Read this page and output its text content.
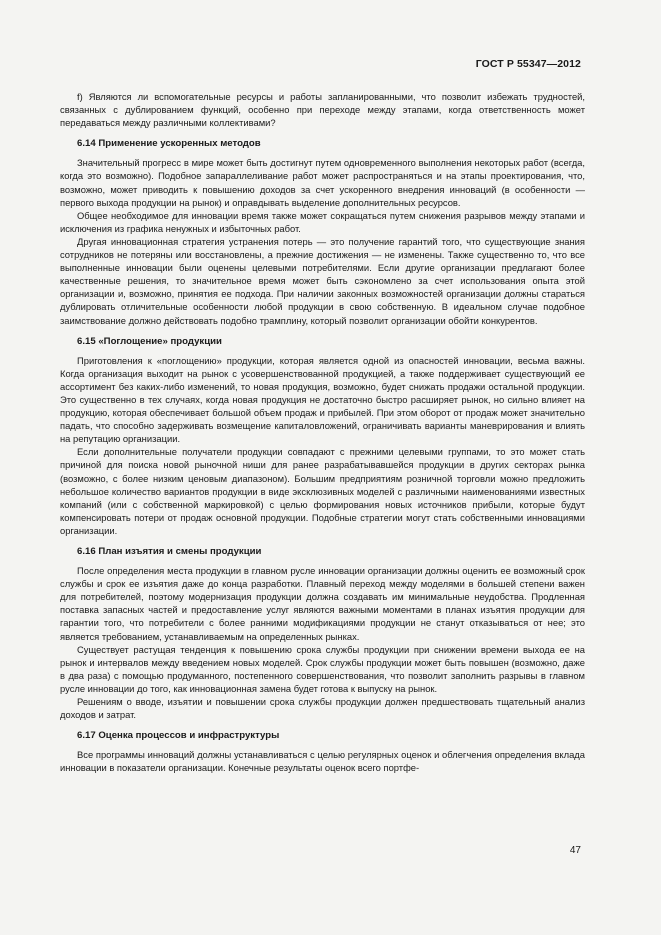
ГОСТ Р 55347—2012

f) Являются ли вспомогательные ресурсы и работы запланированными, что позволит избежать трудностей, связанных с дублированием функций, особенно при переходе между этапами, когда ответственность может передаваться между различными коллективами?

6.14 Применение ускоренных методов

Значительный прогресс в мире может быть достигнут путем одновременного выполнения некоторых работ (всегда, когда это возможно). Подобное запараллеливание работ может распространяться и на этапы проектирования, что, возможно, может приводить к повышению доходов за счет ускоренного внедрения инноваций (в особенности — первого выхода продукции на рынок) и оправдывать выделение дополнительных ресурсов.

Общее необходимое для инновации время также может сокращаться путем снижения разрывов между этапами и исключения из графика ненужных и избыточных работ.

Другая инновационная стратегия устранения потерь — это получение гарантий того, что существующие знания сотрудников не потеряны или восстановлены, а прежние достижения — не изменены. Также существенно то, что все выполненные инновации были оценены целевыми потребителями. Если другие организации предлагают более качественные решения, то значительное время может быть сэкономлено за счет использования опыта этой организации и, возможно, принятия ее подхода. При наличии законных возможностей организации должны стараться дублировать отличительные особенности любой продукции в свою собственную. В идеальном случае подобное заимствование должно действовать подобно трамплину, который позволит организации обойти конкурентов.

6.15 «Поглощение» продукции

Приготовления к «поглощению» продукции, которая является одной из опасностей инновации, весьма важны. Когда организация выходит на рынок с усовершенствованной продукцией, а также поддерживает существующий ее ассортимент без каких-либо изменений, то новая продукция, возможно, будет снижать продажи остальной продукции. Это существенно в тех случаях, когда новая продукция не достаточно быстро расширяет рынок, но сильно влияет на продукцию, которая обеспечивает большой объем продаж и прибылей. При этом оборот от продаж может значительно падать, что способно задерживать возмещение капиталовложений, ограничивать варианты маневрирования и влиять на репутацию организации.

Если дополнительные получатели продукции совпадают с прежними целевыми группами, то это может стать причиной для поиска новой рыночной ниши для ранее разрабатывавшейся продукции в других секторах рынка (возможно, с более низким ценовым диапазоном). Большим предприятиям розничной торговли можно предложить небольшое количество вариантов продукции в виде эксклюзивных моделей с различными наименованиями известных компаний (или с собственной маркировкой) с целью формирования новых источников прибыли, которые будут компенсировать потери от продаж основной продукции. Подобные стратегии могут стать собственными инновациями организации.

6.16 План изъятия и смены продукции

После определения места продукции в главном русле инновации организации должны оценить ее возможный срок службы и срок ее изъятия даже до конца разработки. Плавный переход между моделями в большей степени важен для потребителей, поэтому модернизация продукции должна создавать им минимальные неудобства. Продленная поставка запасных частей и предоставление услуг являются важными моментами в планах изъятия продукции для гарантии того, что потребители с более ранними модификациями продукции не станут отказываться от нее; это является требованием, устанавливаемым на определенных рынках.

Существует растущая тенденция к повышению срока службы продукции при снижении времени выхода ее на рынок и интервалов между введением новых моделей. Срок службы продукции может быть повышен (возможно, даже в два раза) с помощью продуманного, постепенного совершенствования, что позволит заполнить разрывы в главном русле инновации до того, как инновационная замена будет готова к выпуску на рынок.

Решениям о вводе, изъятии и повышении срока службы продукции должен предшествовать тщательный анализ доходов и затрат.

6.17 Оценка процессов и инфраструктуры

Все программы инноваций должны устанавливаться с целью регулярных оценок и облегчения определения вклада инновации в показатели организации. Конечные результаты оценок всего портфе-

47
